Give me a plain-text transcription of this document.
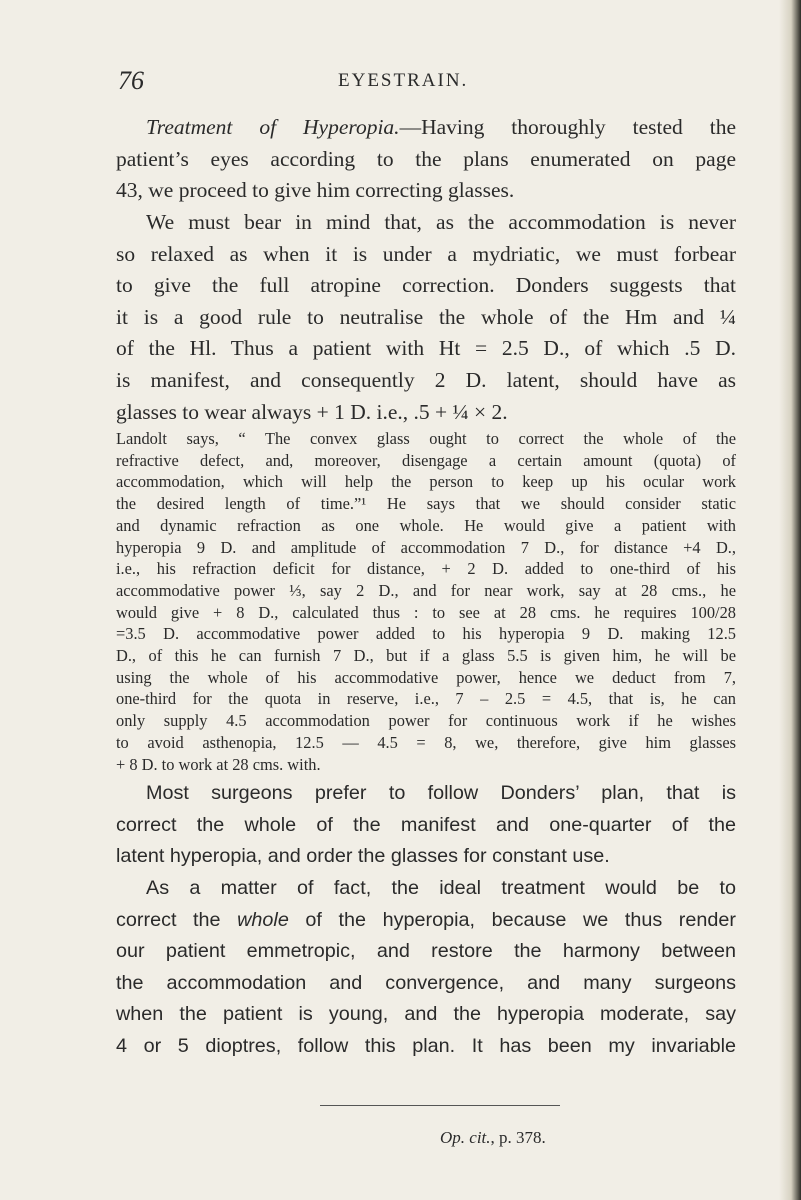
76	EYESTRAIN.

Treatment of Hyperopia.—Having thoroughly tested the
patient’s eyes according to the plans enumerated on page
43, we proceed to give him correcting glasses.

We must bear in mind that, as the accommodation is never
so relaxed as when it is under a mydriatic, we must forbear
to give the full atropine correction. Donders suggests that
it is a good rule to neutralise the whole of the Hm and ¼
of the Hl. Thus a patient with Ht = 2.5 D., of which .5 D.
is manifest, and consequently 2 D. latent, should have as
glasses to wear always + 1 D. i.e., .5 + ¼ × 2.

Landolt says, “ The convex glass ought to correct the whole of the
refractive defect, and, moreover, disengage a certain amount (quota) of
accommodation, which will help the person to keep up his ocular work
the desired length of time.”¹ He says that we should consider static
and dynamic refraction as one whole. He would give a patient with
hyperopia 9 D. and amplitude of accommodation 7 D., for distance +4 D.,
i.e., his refraction deficit for distance, + 2 D. added to one-third of his
accommodative power ⅓, say 2 D., and for near work, say at 28 cms., he
would give + 8 D., calculated thus : to see at 28 cms. he requires 100/28
=3.5 D. accommodative power added to his hyperopia 9 D. making 12.5
D., of this he can furnish 7 D., but if a glass 5.5 is given him, he will be
using the whole of his accommodative power, hence we deduct from 7,
one-third for the quota in reserve, i.e., 7 – 2.5 = 4.5, that is, he can
only supply 4.5 accommodation power for continuous work if he wishes
to avoid asthenopia, 12.5 — 4.5 = 8, we, therefore, give him glasses
+ 8 D. to work at 28 cms. with.

Most surgeons prefer to follow Donders’ plan, that is
correct the whole of the manifest and one-quarter of the
latent hyperopia, and order the glasses for constant use.

As a matter of fact, the ideal treatment would be to
correct the whole of the hyperopia, because we thus render
our patient emmetropic, and restore the harmony between
the accommodation and convergence, and many surgeons
when the patient is young, and the hyperopia moderate, say
4 or 5 dioptres, follow this plan. It has been my invariable

Op. cit., p. 378.
